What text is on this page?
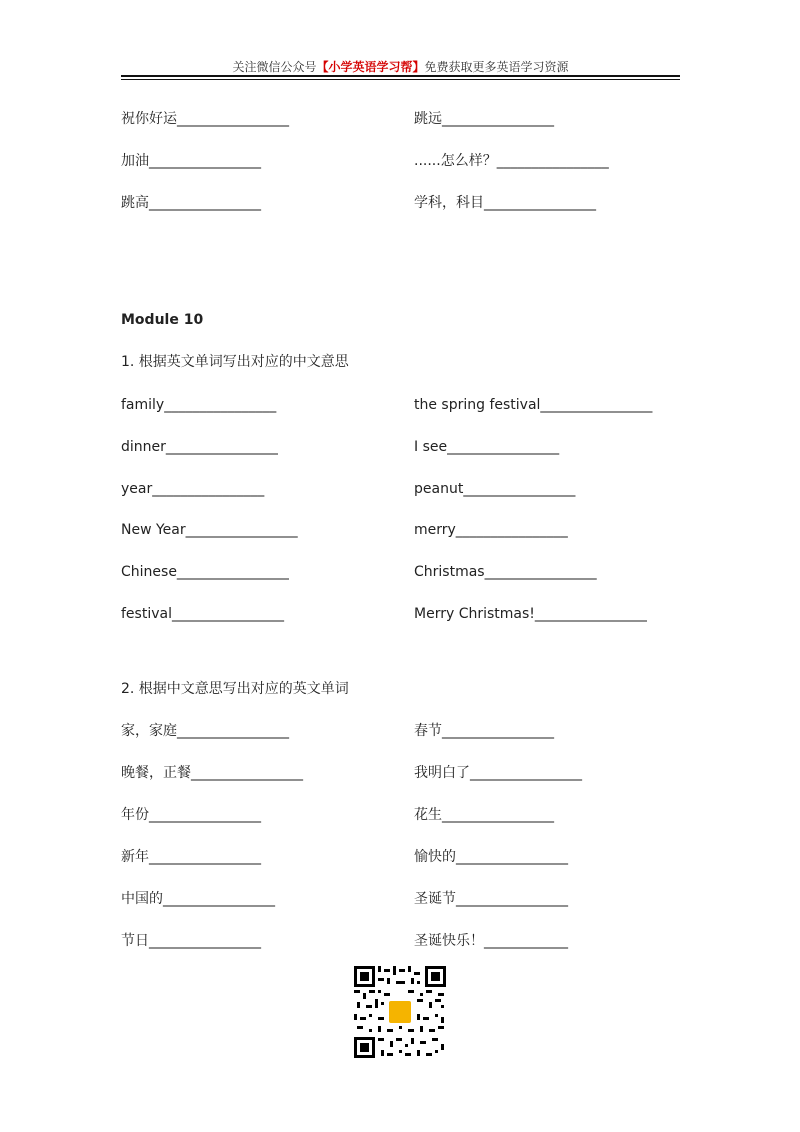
关注微信公众号【小学英语学习帮】免费获取更多英语学习资源
祝你好运________________	跳远________________
加油________________	......怎么样？________________
跳高________________	学科，科目________________
Module 10
1. 根据英文单词写出对应的中文意思
family________________	the spring festival________________
dinner________________	I see________________
year________________	peanut________________
New Year________________	merry________________
Chinese________________	Christmas________________
festival________________	Merry Christmas!________________
2. 根据中文意思写出对应的英文单词
家，家庭________________	春节________________
晚餐，正餐________________	我明白了________________
年份________________	花生________________
新年________________	愉快的________________
中国的________________	圣诞节________________
节日________________	圣诞快乐！____________
